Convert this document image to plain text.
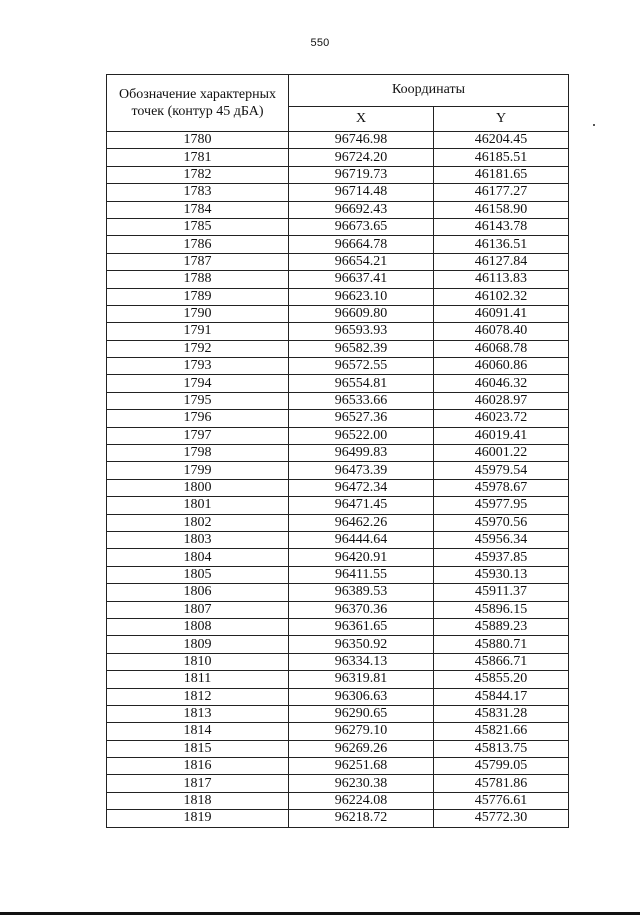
550
Обозначение характерных точек (контур 45 дБА)	Координаты	
	X	Y
1780	96746.98	46204.45
1781	96724.20	46185.51
1782	96719.73	46181.65
1783	96714.48	46177.27
1784	96692.43	46158.90
1785	96673.65	46143.78
1786	96664.78	46136.51
1787	96654.21	46127.84
1788	96637.41	46113.83
1789	96623.10	46102.32
1790	96609.80	46091.41
1791	96593.93	46078.40
1792	96582.39	46068.78
1793	96572.55	46060.86
1794	96554.81	46046.32
1795	96533.66	46028.97
1796	96527.36	46023.72
1797	96522.00	46019.41
1798	96499.83	46001.22
1799	96473.39	45979.54
1800	96472.34	45978.67
1801	96471.45	45977.95
1802	96462.26	45970.56
1803	96444.64	45956.34
1804	96420.91	45937.85
1805	96411.55	45930.13
1806	96389.53	45911.37
1807	96370.36	45896.15
1808	96361.65	45889.23
1809	96350.92	45880.71
1810	96334.13	45866.71
1811	96319.81	45855.20
1812	96306.63	45844.17
1813	96290.65	45831.28
1814	96279.10	45821.66
1815	96269.26	45813.75
1816	96251.68	45799.05
1817	96230.38	45781.86
1818	96224.08	45776.61
1819	96218.72	45772.30
